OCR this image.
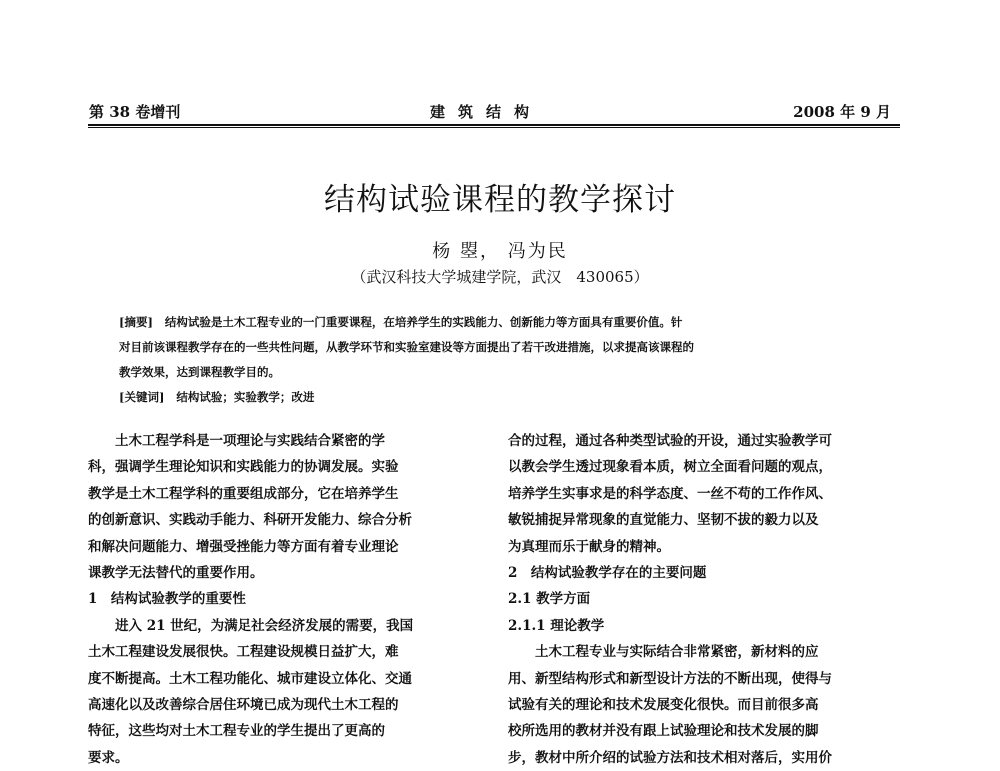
第 38 卷增刊	建筑结构	2008 年 9 月
结构试验课程的教学探讨
杨 曌， 冯为民
（武汉科技大学城建学院，武汉　430065）
[摘要] 结构试验是土木工程专业的一门重要课程，在培养学生的实践能力、创新能力等方面具有重要价值。针
对目前该课程教学存在的一些共性问题，从教学环节和实验室建设等方面提出了若干改进措施，以求提高该课程的
教学效果，达到课程教学目的。
[关键词] 结构试验；实验教学；改进
土木工程学科是一项理论与实践结合紧密的学
科，强调学生理论知识和实践能力的协调发展。实验
教学是土木工程学科的重要组成部分，它在培养学生
的创新意识、实践动手能力、科研开发能力、综合分析
和解决问题能力、增强受挫能力等方面有着专业理论
课教学无法替代的重要作用。
1　结构试验教学的重要性
进入 21 世纪，为满足社会经济发展的需要，我国
土木工程建设发展很快。工程建设规模日益扩大，难
度不断提高。土木工程功能化、城市建设立体化、交通
高速化以及改善综合居住环境已成为现代土木工程的
特征，这些均对土木工程专业的学生提出了更高的
要求。
合的过程，通过各种类型试验的开设，通过实验教学可
以教会学生透过现象看本质，树立全面看问题的观点，
培养学生实事求是的科学态度、一丝不苟的工作作风、
敏锐捕捉异常现象的直觉能力、坚韧不拔的毅力以及
为真理而乐于献身的精神。
2　结构试验教学存在的主要问题
2.1 教学方面
2.1.1 理论教学
土木工程专业与实际结合非常紧密，新材料的应
用、新型结构形式和新型设计方法的不断出现，使得与
试验有关的理论和技术发展变化很快。而目前很多高
校所选用的教材并没有跟上试验理论和技术发展的脚
步，教材中所介绍的试验方法和技术相对落后，实用价
